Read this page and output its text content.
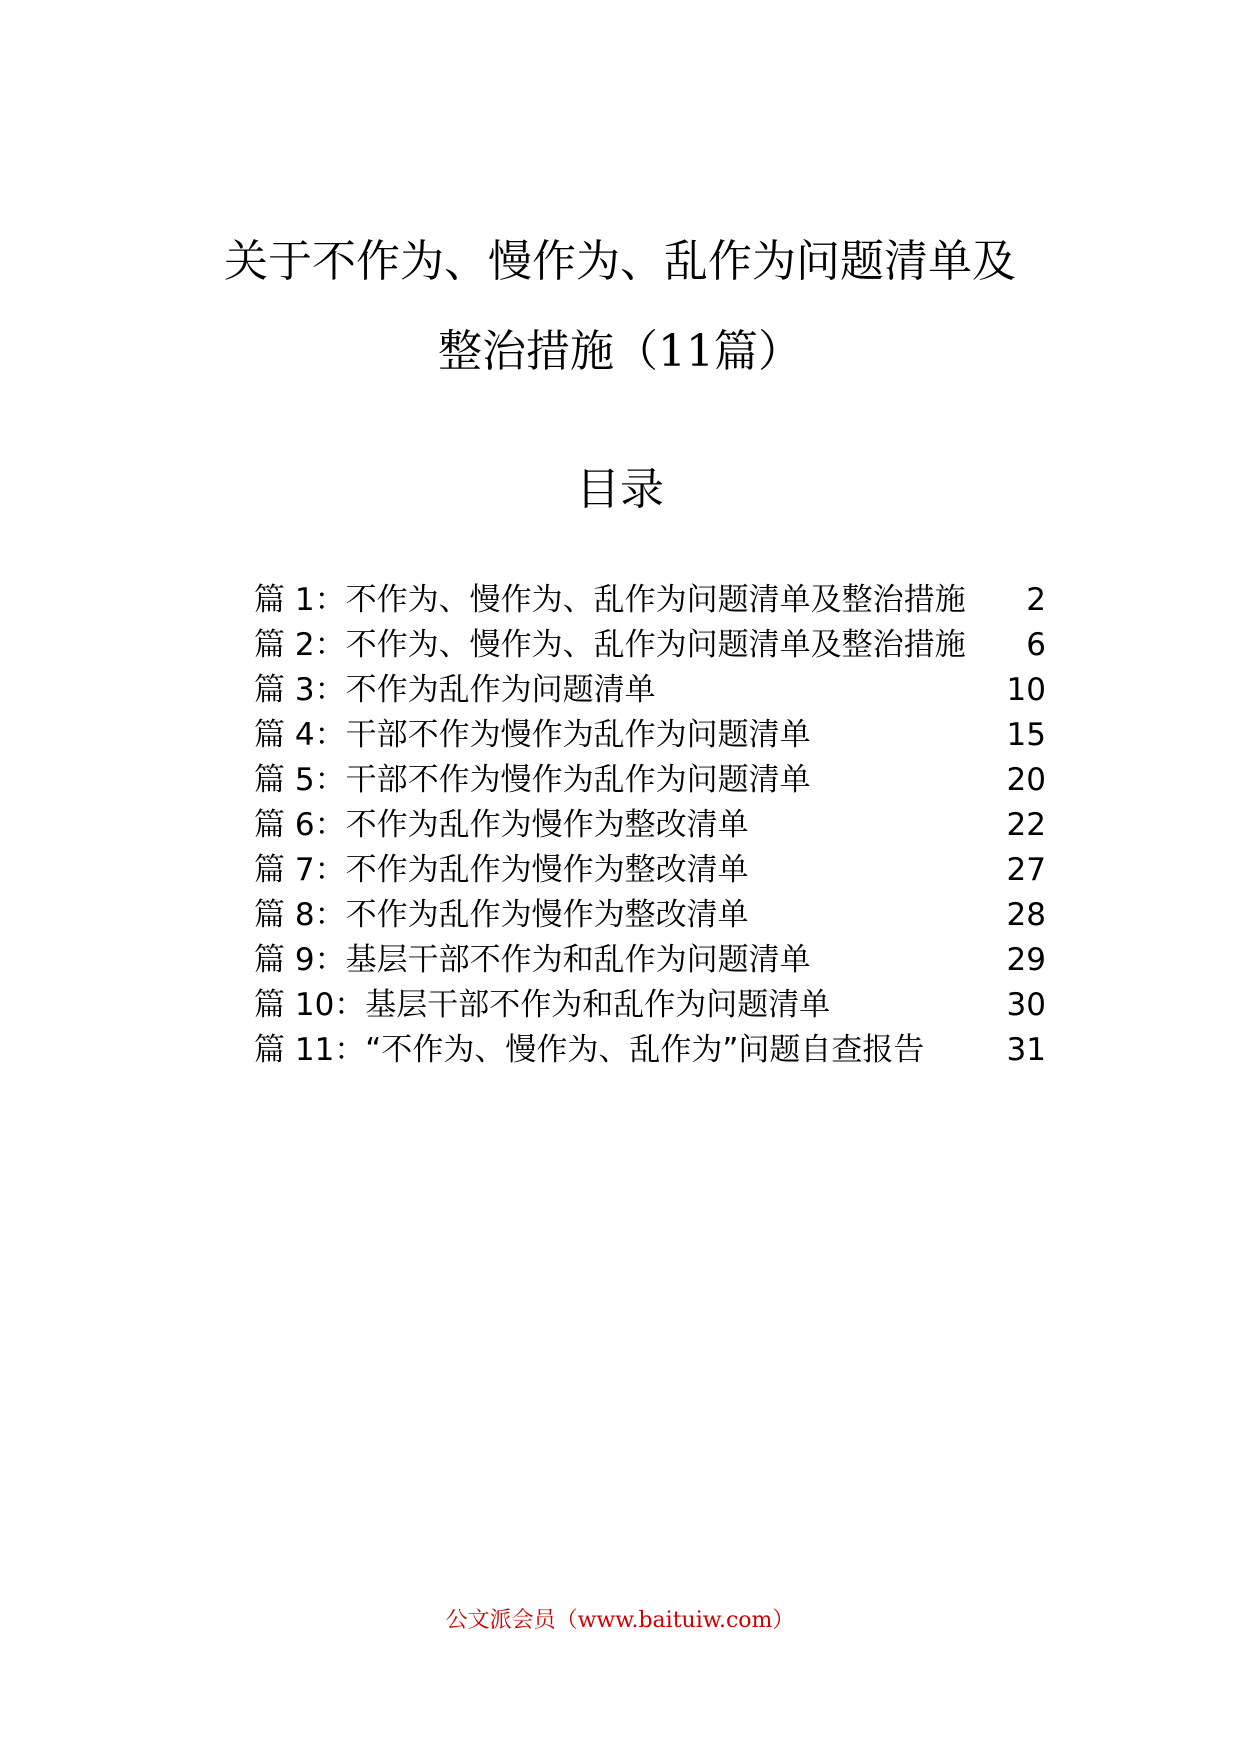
关于不作为、慢作为、乱作为问题清单及
整治措施（11篇）
目录
篇 1：不作为、慢作为、乱作为问题清单及整治措施 2
篇 2：不作为、慢作为、乱作为问题清单及整治措施 6
篇 3：不作为乱作为问题清单	10
篇 4：干部不作为慢作为乱作为问题清单	15
篇 5：干部不作为慢作为乱作为问题清单	20
篇 6：不作为乱作为慢作为整改清单	22
篇 7：不作为乱作为慢作为整改清单	27
篇 8：不作为乱作为慢作为整改清单	28
篇 9：基层干部不作为和乱作为问题清单	29
篇 10：基层干部不作为和乱作为问题清单	30
篇 11：“不作为、慢作为、乱作为”问题自查报告	31
公文派会员（www.baituiw.com）
